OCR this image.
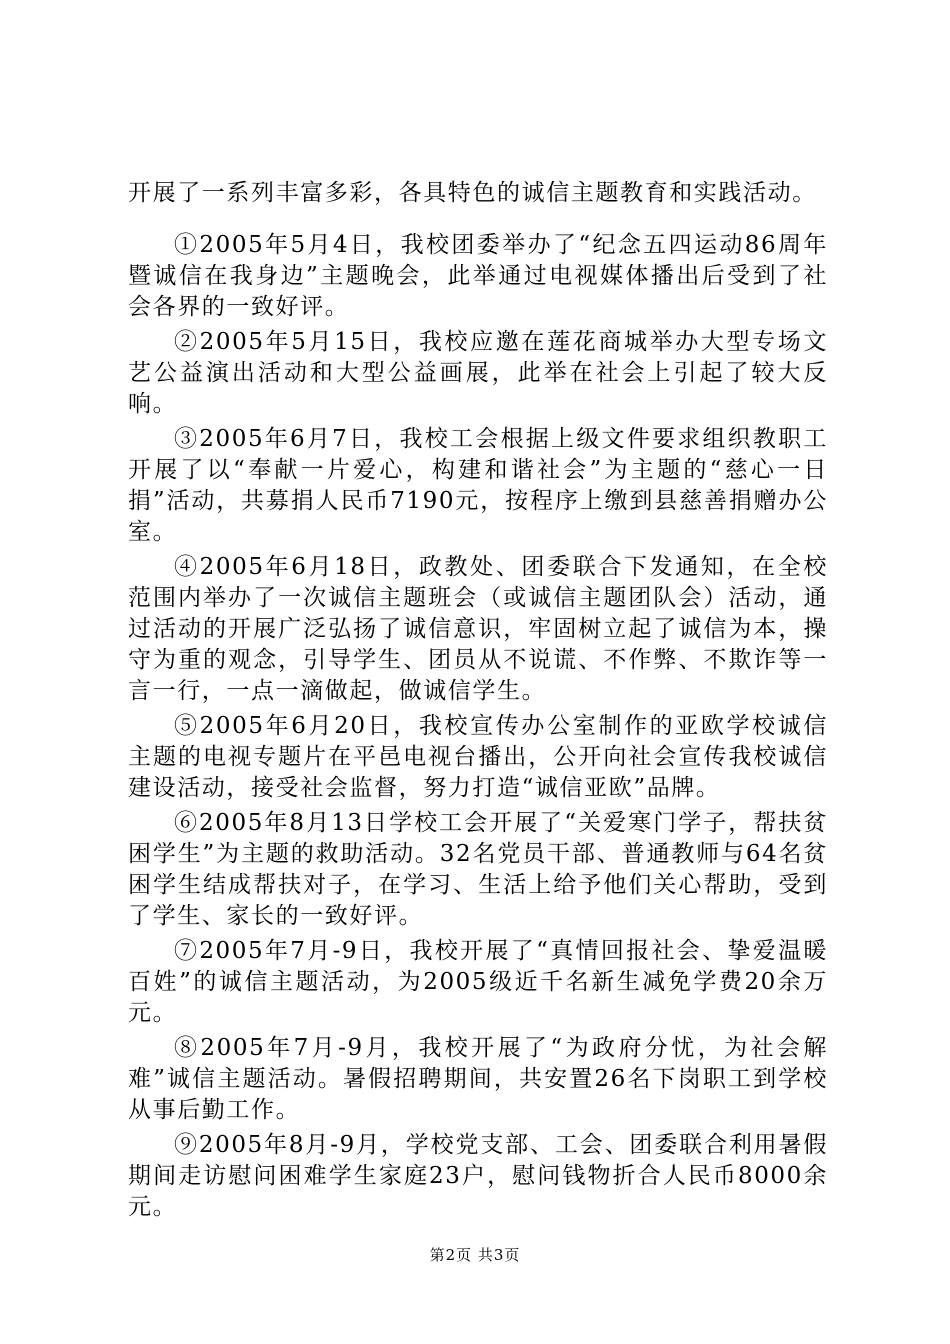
开展了一系列丰富多彩，各具特色的诚信主题教育和实践活动。

①2005年5月4日，我校团委举办了“纪念五四运动86周年暨诚信在我身边”主题晚会，此举通过电视媒体播出后受到了社会各界的一致好评。

②2005年5月15日，我校应邀在莲花商城举办大型专场文艺公益演出活动和大型公益画展，此举在社会上引起了较大反响。

③2005年6月7日，我校工会根据上级文件要求组织教职工开展了以“奉献一片爱心，构建和谐社会”为主题的“慈心一日捐”活动，共募捐人民币7190元，按程序上缴到县慈善捐赠办公室。

④2005年6月18日，政教处、团委联合下发通知，在全校范围内举办了一次诚信主题班会（或诚信主题团队会）活动，通过活动的开展广泛弘扬了诚信意识，牢固树立起了诚信为本，操守为重的观念，引导学生、团员从不说谎、不作弊、不欺诈等一言一行，一点一滴做起，做诚信学生。

⑤2005年6月20日，我校宣传办公室制作的亚欧学校诚信主题的电视专题片在平邑电视台播出，公开向社会宣传我校诚信建设活动，接受社会监督，努力打造“诚信亚欧”品牌。

⑥2005年8月13日学校工会开展了“关爱寒门学子，帮扶贫困学生”为主题的救助活动。32名党员干部、普通教师与64名贫困学生结成帮扶对子，在学习、生活上给予他们关心帮助，受到了学生、家长的一致好评。

⑦2005年7月-9日，我校开展了“真情回报社会、挚爱温暖百姓”的诚信主题活动，为2005级近千名新生减免学费20余万元。

⑧2005年7月-9月，我校开展了“为政府分忧，为社会解难”诚信主题活动。暑假招聘期间，共安置26名下岗职工到学校从事后勤工作。

⑨2005年8月-9月，学校党支部、工会、团委联合利用暑假期间走访慰问困难学生家庭23户，慰问钱物折合人民币8000余元。

第2页 共3页
